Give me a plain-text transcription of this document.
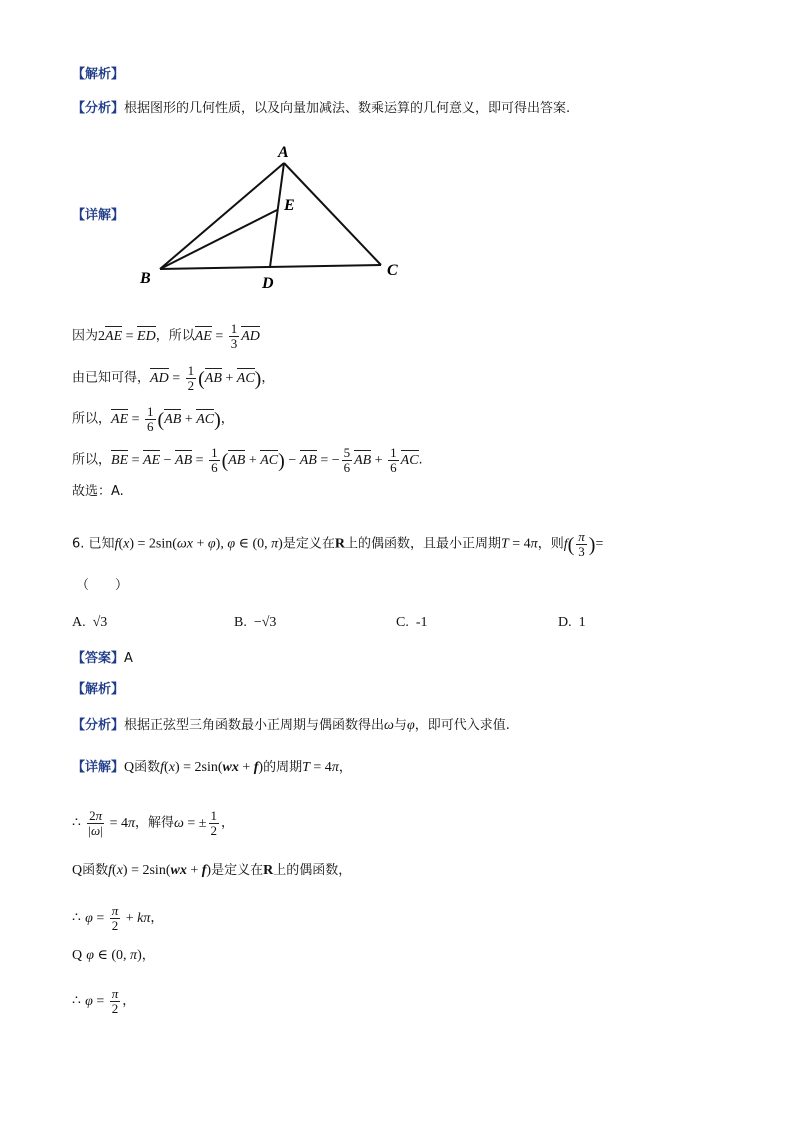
【解析】
【分析】根据图形的几何性质，以及向量加减法、数乘运算的几何意义，即可得出答案.
【详解】
A
E
B	D
C
因为2AE = ED，所以AE = $\frac{1}{3}$ AD
由已知可得，AD = $\frac{1}{2} (AB + AC)$，
所以，AE = $\frac{1}{6} (AB + AC)$，
所以，BE = AE − AB = $\frac{1}{6} (AB + AC)$ − AB = − $\frac{5}{6}$ AB + $\frac{1}{6}$ AC.
故选：A.
6. 已知f(x) = 2sin(ωx + φ), φ ∈ (0, π)是定义在R上的偶函数，且最小正周期T = 4π，则$f( \frac{\pi}{3}$ )=
（　　）
A. √3	B. −√3	C. -1	D. 1
【答案】A
【解析】
【分析】根据正弦型三角函数最小正周期与偶函数得出ω与φ，即可代入求值.
【详解】Q函数f(x) = 2sin(wx + f)的周期T = 4π，
∴ $\frac{2\pi}{|\omega|} = 4\pi$，解得ω = ± $\frac{1}{2}$ ，
Q函数f(x) = 2sin(wx + f)是定义在R上的偶函数，
∴ $\varphi = \frac{\pi}{2} + k\pi$，
Q φ ∈ (0, π)，
∴ $\varphi = \frac{\pi}{2}$ ，
